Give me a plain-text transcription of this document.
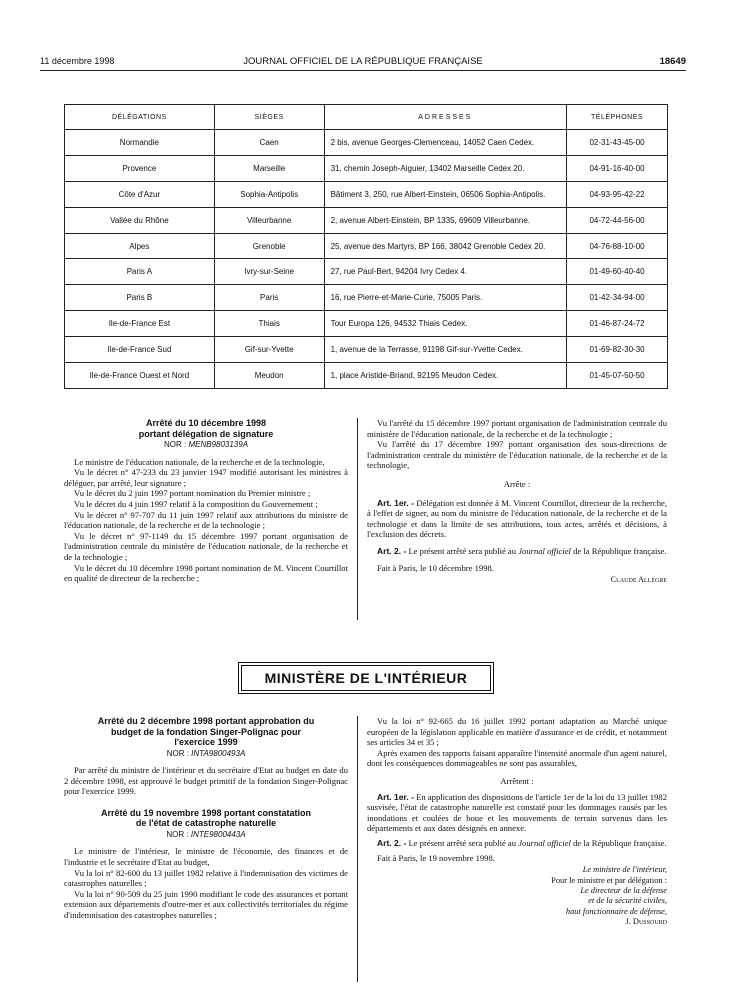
11 décembre 1998	JOURNAL OFFICIEL DE LA RÉPUBLIQUE FRANÇAISE	18649
DÉLÉGATIONS	SIÈGES	ADRESSES	TÉLÉPHONES
Normandie	Caen	2 bis, avenue Georges-Clemenceau, 14052 Caen Cedex.	02-31-43-45-00
Provence	Marseille	31, chemin Joseph-Aiguier, 13402 Marseille Cedex 20.	04-91-16-40-00
Côte d'Azur	Sophia-Antipolis	Bâtiment 3, 250, rue Albert-Einstein, 06506 Sophia-Antipolis.	04-93-95-42-22
Vallée du Rhône	Villeurbanne	2, avenue Albert-Einstein, BP 1335, 69609 Villeurbanne.	04-72-44-56-00
Alpes	Grenoble	25, avenue des Martyrs, BP 166, 38042 Grenoble Cedex 20.	04-76-88-10-00
Paris A	Ivry-sur-Seine	27, rue Paul-Bert, 94204 Ivry Cedex 4.	01-49-60-40-40
Paris B	Paris	16, rue Pierre-et-Marie-Curie, 75005 Paris.	01-42-34-94-00
Ile-de-France Est	Thiais	Tour Europa 126, 94532 Thiais Cedex.	01-46-87-24-72
Ile-de-France Sud	Gif-sur-Yvette	1, avenue de la Terrasse, 91198 Gif-sur-Yvette Cedex.	01-69-82-30-30
Ile-de-France Ouest et Nord	Meudon	1, place Aristide-Briand, 92195 Meudon Cedex.	01-45-07-50-50
Arrêté du 10 décembre 1998
portant délégation de signature
NOR : MENB9803139A

Le ministre de l'éducation nationale, de la recherche et de la technologie,

Vu le décret n° 47-233 du 23 janvier 1947 modifié autorisant les ministres à déléguer, par arrêté, leur signature ;

Vu le décret du 2 juin 1997 portant nomination du Premier ministre ;

Vu le décret du 4 juin 1997 relatif à la composition du Gouvernement ;

Vu le décret n° 97-707 du 11 juin 1997 relatif aux attributions du ministre de l'éducation nationale, de la recherche et de la technologie ;

Vu le décret n° 97-1149 du 15 décembre 1997 portant organisation de l'administration centrale du ministère de l'éducation nationale, de la recherche et de la technologie ;

Vu le décret du 10 décembre 1998 portant nomination de M. Vincent Courtillot en qualité de directeur de la recherche ;

Vu l'arrêté du 15 décembre 1997 portant organisation de l'administration centrale du ministère de l'éducation nationale, de la recherche et de la technologie ;

Vu l'arrêté du 17 décembre 1997 portant organisation des sous-directions de l'administration centrale du ministère de l'éducation nationale, de la recherche et de la technologie,

Arrête :

Art. 1er. - Délégation est donnée à M. Vincent Courtillot, directeur de la recherche, à l'effet de signer, au nom du ministre de l'éducation nationale, de la recherche et de la technologie et dans la limite de ses attributions, tous actes, arrêtés et décisions, à l'exclusion des décrets.

Art. 2. - Le présent arrêté sera publié au Journal officiel de la République française.

Fait à Paris, le 10 décembre 1998.

Claude Allègre
MINISTÈRE DE L'INTÉRIEUR
Arrêté du 2 décembre 1998 portant approbation du
budget de la fondation Singer-Polignac pour
l'exercice 1999
NOR : INTA9800493A

Par arrêté du ministre de l'intérieur et du secrétaire d'Etat au budget en date du 2 décembre 1998, est approuvé le budget primitif de la fondation Singer-Polignac pour l'exercice 1999.

Arrêté du 19 novembre 1998 portant constatation
de l'état de catastrophe naturelle
NOR : INTE9800443A

Le ministre de l'intérieur, le ministre de l'économie, des finances et de l'industrie et le secrétaire d'Etat au budget,

Vu la loi n° 82-600 du 13 juillet 1982 relative à l'indemnisation des victimes de catastrophes naturelles ;

Vu la loi n° 90-509 du 25 juin 1990 modifiant le code des assurances et portant extension aux départements d'outre-mer et aux collectivités territoriales du régime d'indemnisation des catastrophes naturelles ;

Vu la loi n° 92-665 du 16 juillet 1992 portant adaptation au Marché unique européen de la législation applicable en matière d'assurance et de crédit, et notamment ses articles 34 et 35 ;

Après examen des rapports faisant apparaître l'intensité anormale d'un agent naturel, dont les conséquences dommageables ne sont pas assurables,

Arrêtent :

Art. 1er. - En application des dispositions de l'article 1er de la loi du 13 juillet 1982 susvisée, l'état de catastrophe naturelle est constaté pour les dommages causés par les inondations et coulées de boue et les mouvements de terrain survenus dans les départements et aux dates désignés en annexe.

Art. 2. - Le présent arrêté sera publié au Journal officiel de la République française.

Fait à Paris, le 19 novembre 1998.

Le ministre de l'intérieur,
Pour le ministre et par délégation :
Le directeur de la défense
et de la sécurité civiles,
haut fonctionnaire de défense,
J. Dussourd
